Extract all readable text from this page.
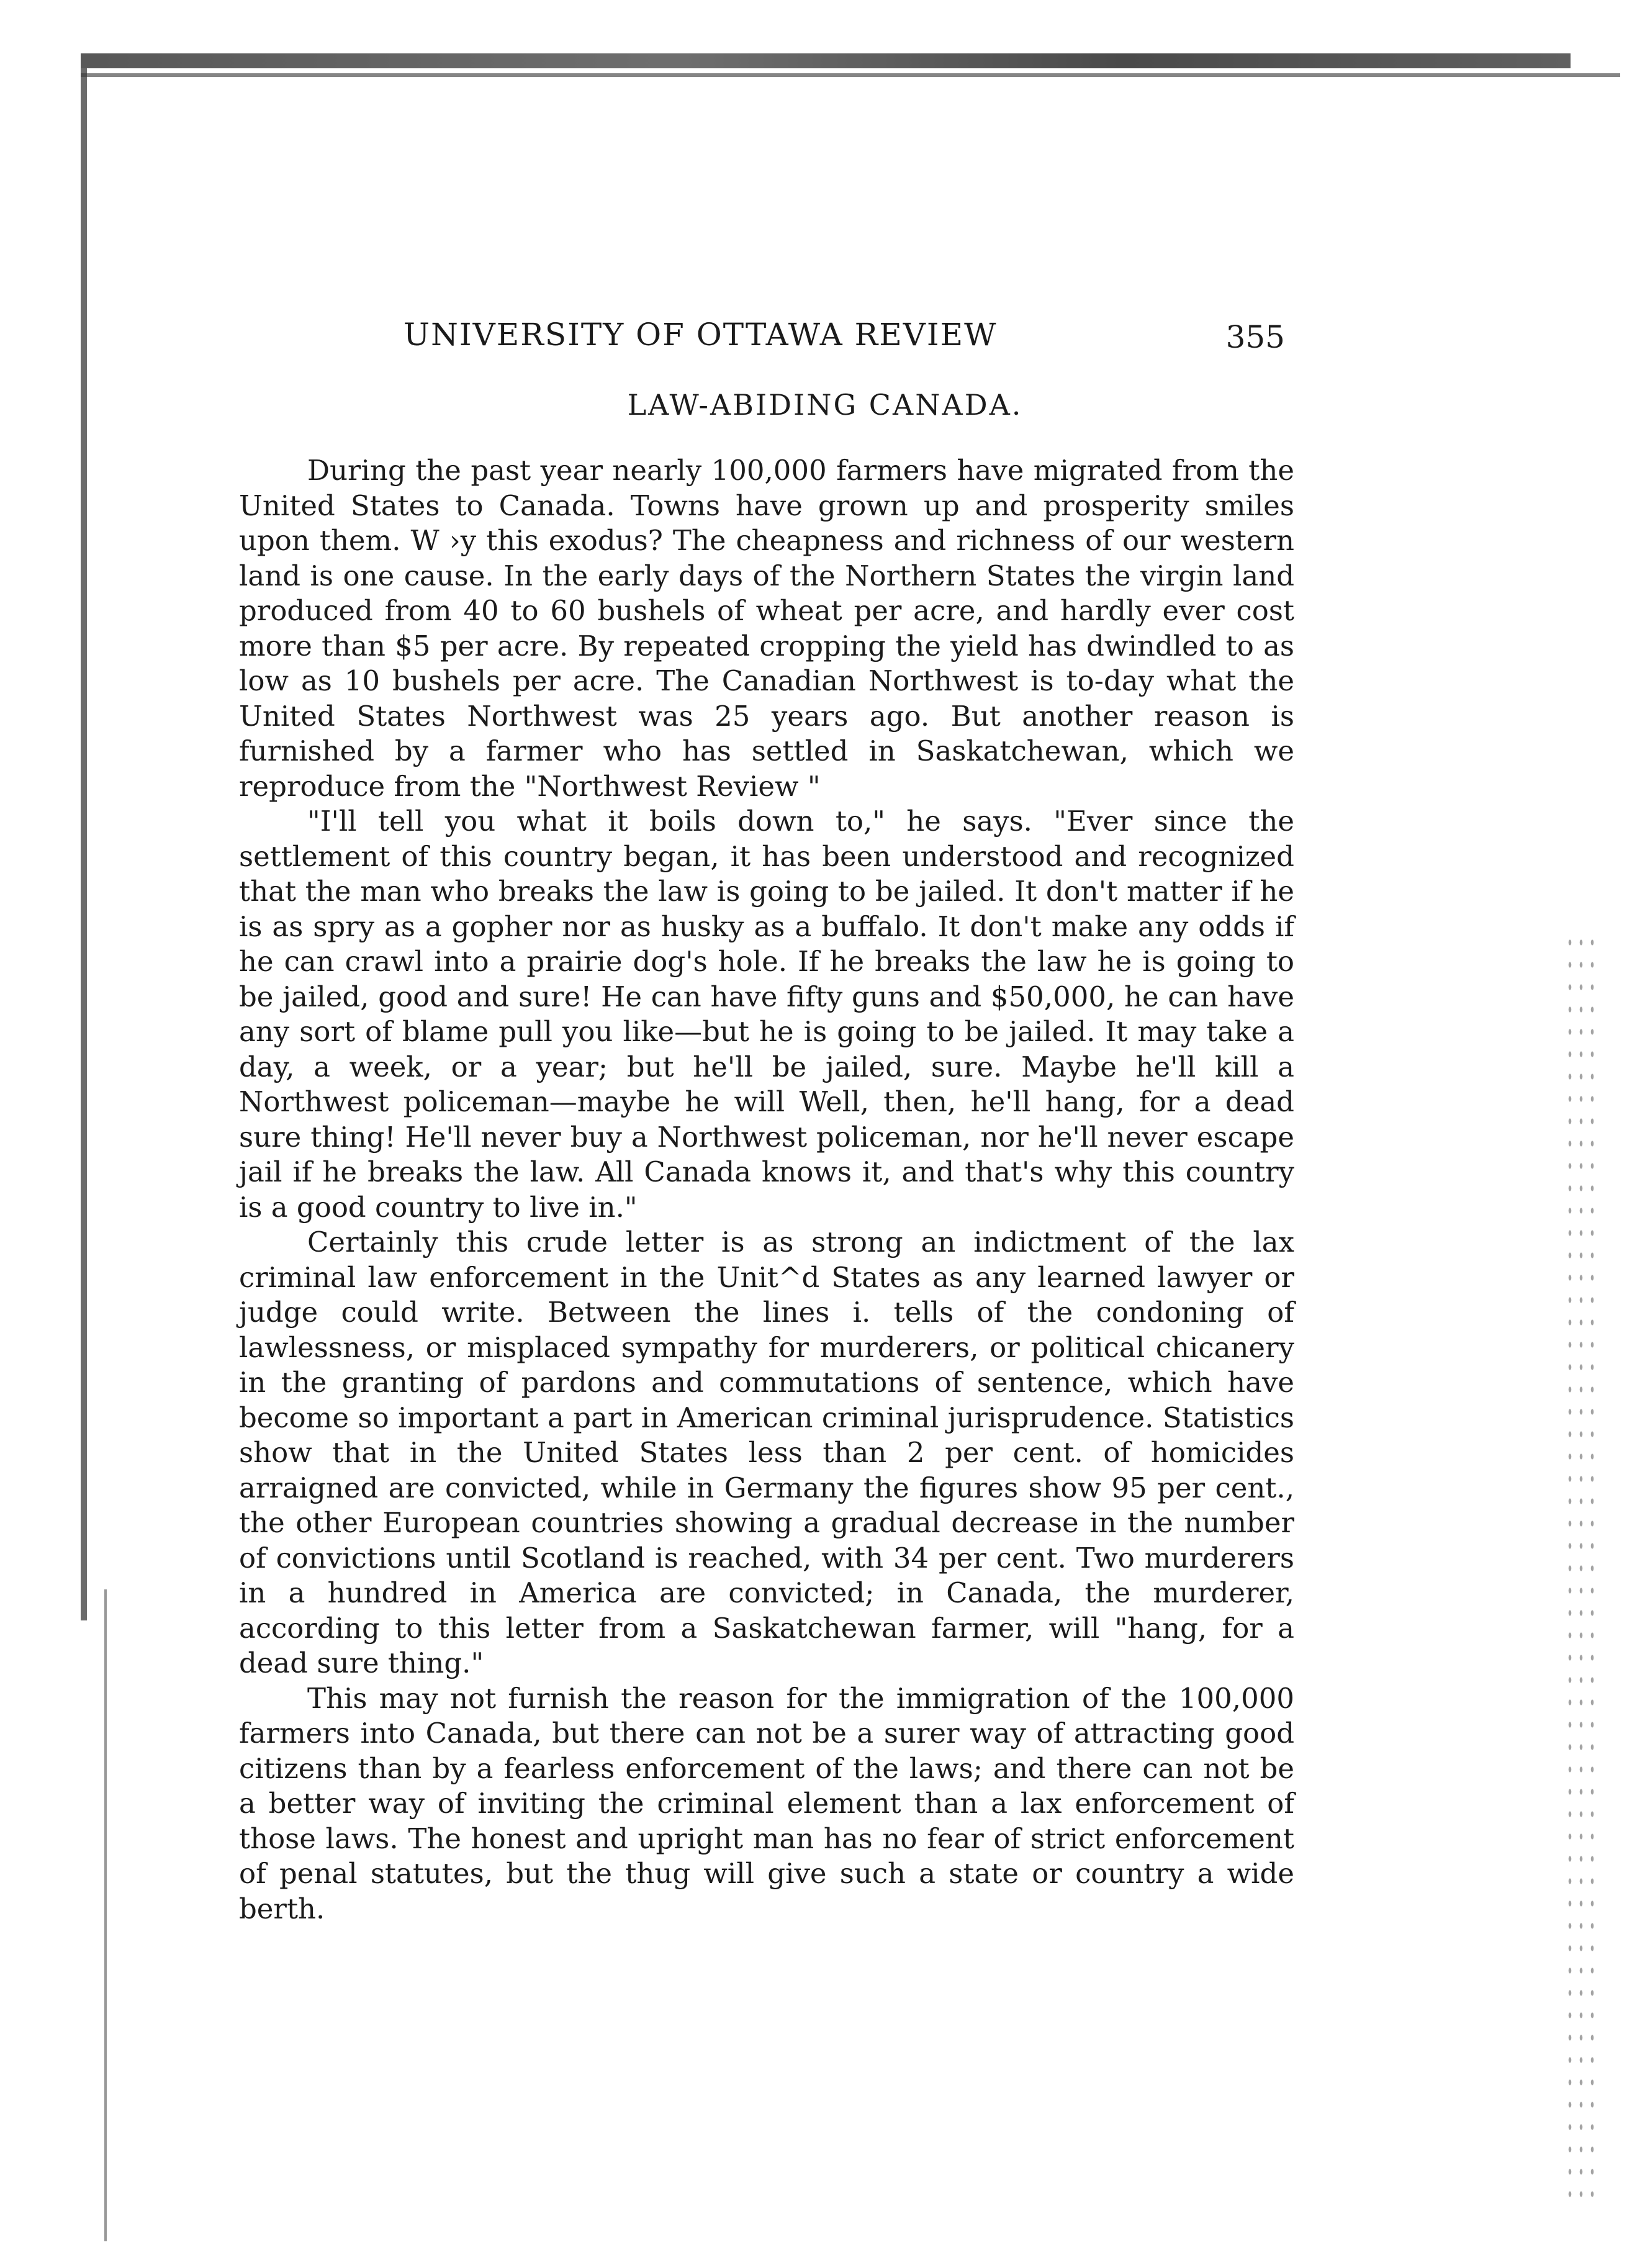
UNIVERSITY OF OTTAWA REVIEW	355
LAW-ABIDING CANADA.

During the past year nearly 100,000 farmers have migrated from the United States to Canada. Towns have grown up and prosperity smiles upon them. W ›y this exodus? The cheapness and richness of our western land is one cause. In the early days of the Northern States the virgin land produced from 40 to 60 bushels of wheat per acre, and hardly ever cost more than $5 per acre. By repeated cropping the yield has dwindled to as low as 10 bushels per acre. The Canadian Northwest is to-day what the United States Northwest was 25 years ago. But another reason is furnished by a farmer who has settled in Saskatchewan, which we reproduce from the "Northwest Review "

"I'll tell you what it boils down to," he says. "Ever since the settlement of this country began, it has been understood and recognized that the man who breaks the law is going to be jailed. It don't matter if he is as spry as a gopher nor as husky as a buffalo. It don't make any odds if he can crawl into a prairie dog's hole. If he breaks the law he is going to be jailed, good and sure! He can have fifty guns and $50,000, he can have any sort of blame pull you like—but he is going to be jailed. It may take a day, a week, or a year; but he'll be jailed, sure. Maybe he'll kill a Northwest policeman—maybe he will Well, then, he'll hang, for a dead sure thing! He'll never buy a Northwest policeman, nor he'll never escape jail if he breaks the law. All Canada knows it, and that's why this country is a good country to live in."

Certainly this crude letter is as strong an indictment of the lax criminal law enforcement in the Unit^d States as any learned lawyer or judge could write. Between the lines i. tells of the condoning of lawlessness, or misplaced sympathy for murderers, or political chicanery in the granting of pardons and commutations of sentence, which have become so important a part in American criminal jurisprudence. Statistics show that in the United States less than 2 per cent. of homicides arraigned are convicted, while in Germany the figures show 95 per cent., the other European countries showing a gradual decrease in the number of convictions until Scotland is reached, with 34 per cent. Two murderers in a hundred in America are convicted; in Canada, the murderer, according to this letter from a Saskatchewan farmer, will "hang, for a dead sure thing."

This may not furnish the reason for the immigration of the 100,000 farmers into Canada, but there can not be a surer way of attracting good citizens than by a fearless enforcement of the laws; and there can not be a better way of inviting the criminal element than a lax enforcement of those laws. The honest and upright man has no fear of strict enforcement of penal statutes, but the thug will give such a state or country a wide berth.
